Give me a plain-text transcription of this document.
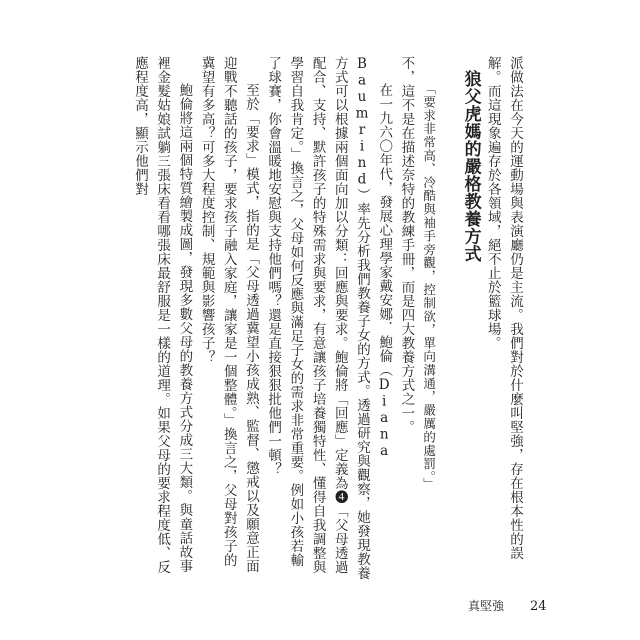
派做法在今天的運動場與表演廳仍是主流。我們對於什麼叫堅強，存在根本性的誤解。而這現象遍存於各領域，絕不止於籃球場。

狼父虎媽的嚴格教養方式

「要求非常高、冷酷與袖手旁觀，控制欲，單向溝通，嚴厲的處罰。」

不，這不是在描述奈特的教練手冊，而是四大教養方式之一。

在一九六〇年代，發展心理學家戴安娜．鮑倫（Diana Baumrind）率先分析我們教養子女的方式。透過研究與觀察，她發現教養方式可以根據兩個面向加以分類：回應與要求。鮑倫將「回應」定義為❹「父母透過配合、支持、默許孩子的特殊需求與要求，有意讓孩子培養獨特性、懂得自我調整與學習自我肯定。」換言之，父母如何反應與滿足子女的需求非常重要。例如小孩若輸了球賽，你會溫暖地安慰與支持他們嗎？還是直接狠狠批他們一頓？

至於「要求」模式，指的是「父母透過冀望小孩成熟、監督、懲戒以及願意正面迎戰不聽話的孩子，要求孩子融入家庭，讓家是一個整體。」換言之，父母對孩子的冀望有多高？可多大程度控制、規範與影響孩子？

鮑倫將這兩個特質繪製成圖，發現多數父母的教養方式分成三大類。與童話故事裡金髮姑娘試躺三張床看看哪張床最舒服是一樣的道理。如果父母的要求程度低、反應程度高，顯示他們對

真堅強 24
